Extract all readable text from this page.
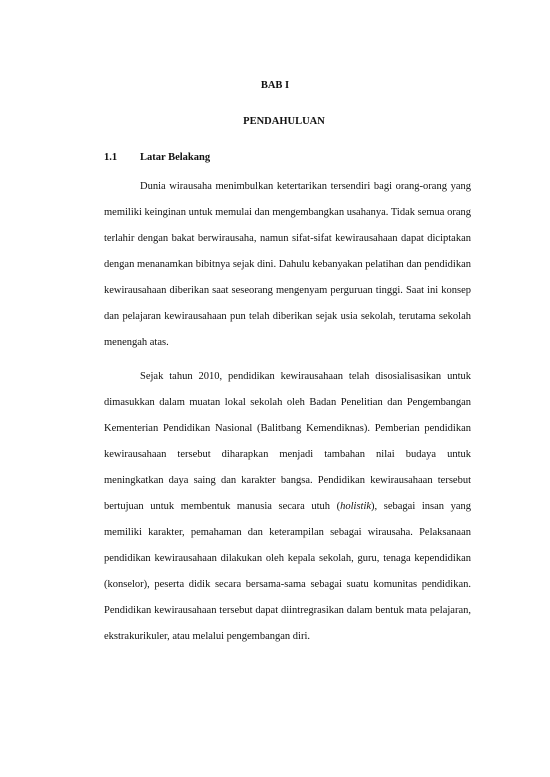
BAB I
PENDAHULUAN
1.1 Latar Belakang

Dunia wirausaha menimbulkan ketertarikan tersendiri bagi orang-orang yang memiliki keinginan untuk memulai dan mengembangkan usahanya. Tidak semua orang terlahir dengan bakat berwirausaha, namun sifat-sifat kewirausahaan dapat diciptakan dengan menanamkan bibitnya sejak dini. Dahulu kebanyakan pelatihan dan pendidikan kewirausahaan diberikan saat seseorang mengenyam perguruan tinggi. Saat ini konsep dan pelajaran kewirausahaan pun telah diberikan sejak usia sekolah, terutama sekolah menengah atas.

Sejak tahun 2010, pendidikan kewirausahaan telah disosialisasikan untuk dimasukkan dalam muatan lokal sekolah oleh Badan Penelitian dan Pengembangan Kementerian Pendidikan Nasional (Balitbang Kemendiknas). Pemberian pendidikan kewirausahaan tersebut diharapkan menjadi tambahan nilai budaya untuk meningkatkan daya saing dan karakter bangsa. Pendidikan kewirausahaan tersebut bertujuan untuk membentuk manusia secara utuh (holistik), sebagai insan yang memiliki karakter, pemahaman dan keterampilan sebagai wirausaha. Pelaksanaan pendidikan kewirausahaan dilakukan oleh kepala sekolah, guru, tenaga kependidikan (konselor), peserta didik secara bersama-sama sebagai suatu komunitas pendidikan. Pendidikan kewirausahaan tersebut dapat diintregrasikan dalam bentuk mata pelajaran, ekstrakurikuler, atau melalui pengembangan diri.
